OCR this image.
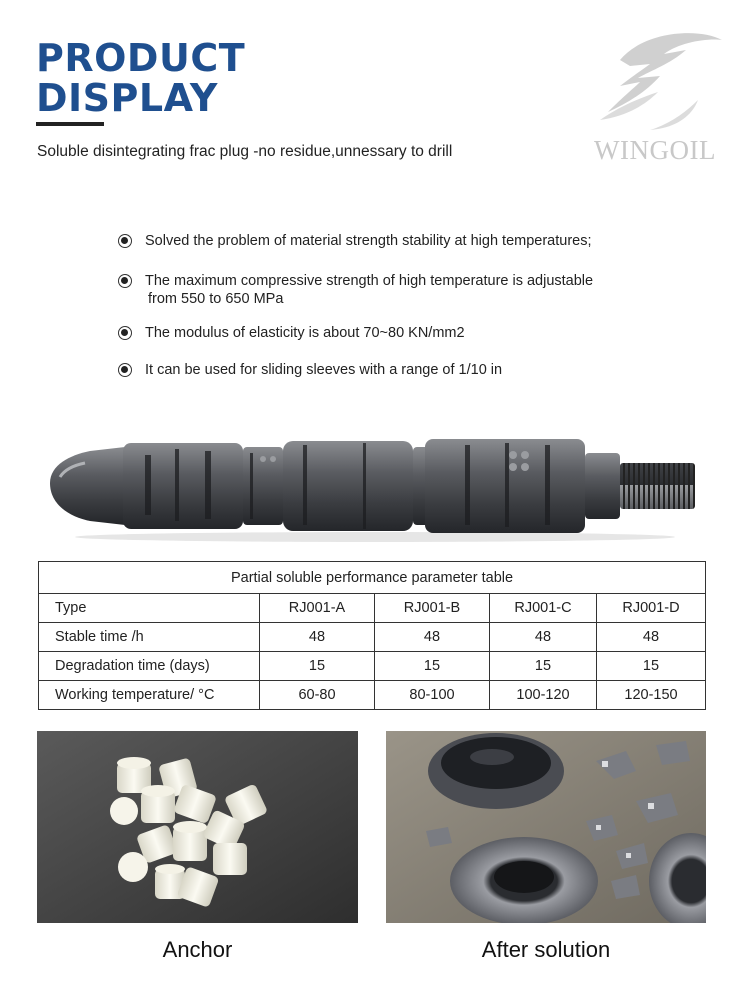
PRODUCT
DISPLAY
Soluble disintegrating frac plug -no residue,unnessary to drill	WINGOIL
Solved the problem of material strength stability at high temperatures;
The maximum compressive strength of high temperature is adjustable
from 550 to 650 MPa
The modulus of elasticity is about 70~80 KN/mm2
It can be used for sliding sleeves with a range of 1/10 in
Partial soluble performance parameter table				
Type	RJ001-A	RJ001-B	RJ001-C	RJ001-D
Stable time /h	48	48	48	48
Degradation time (days)	15	15	15	15
Working temperature/ °C	60-80	80-100	100-120	120-150
Anchor	After solution
